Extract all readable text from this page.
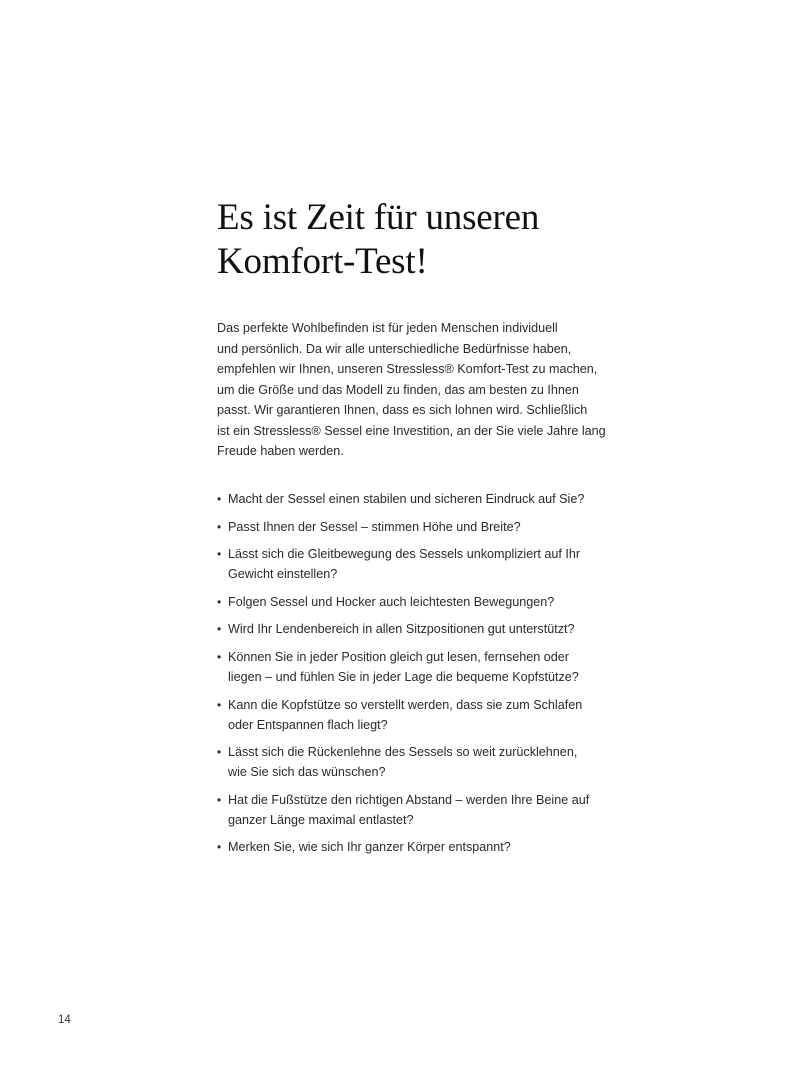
Es ist Zeit für unseren
Komfort-Test!
Das perfekte Wohlbefinden ist für jeden Menschen individuell
und persönlich. Da wir alle unterschiedliche Bedürfnisse haben,
empfehlen wir Ihnen, unseren Stressless® Komfort-Test zu machen,
um die Größe und das Modell zu finden, das am besten zu Ihnen
passt. Wir garantieren Ihnen, dass es sich lohnen wird. Schließlich
ist ein Stressless® Sessel eine Investition, an der Sie viele Jahre lang
Freude haben werden.
• Macht der Sessel einen stabilen und sicheren Eindruck auf Sie?
• Passt Ihnen der Sessel – stimmen Höhe und Breite?
• Lässt sich die Gleitbewegung des Sessels unkompliziert auf Ihr
Gewicht einstellen?
• Folgen Sessel und Hocker auch leichtesten Bewegungen?
• Wird Ihr Lendenbereich in allen Sitzpositionen gut unterstützt?
• Können Sie in jeder Position gleich gut lesen, fernsehen oder
liegen – und fühlen Sie in jeder Lage die bequeme Kopfstütze?
• Kann die Kopfstütze so verstellt werden, dass sie zum Schlafen
oder Entspannen flach liegt?
• Lässt sich die Rückenlehne des Sessels so weit zurücklehnen,
wie Sie sich das wünschen?
• Hat die Fußstütze den richtigen Abstand – werden Ihre Beine auf
ganzer Länge maximal entlastet?
• Merken Sie, wie sich Ihr ganzer Körper entspannt?
14
